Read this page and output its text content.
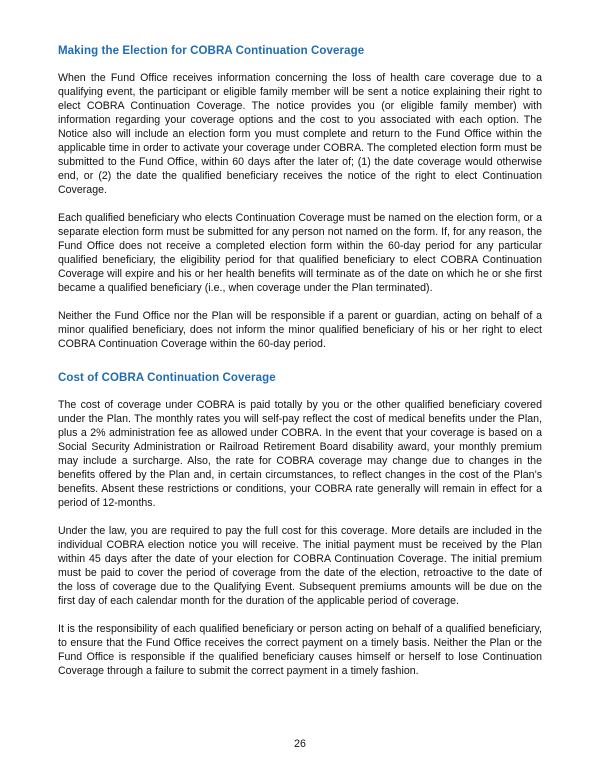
Making the Election for COBRA Continuation Coverage

When the Fund Office receives information concerning the loss of health care coverage due to a qualifying event, the participant or eligible family member will be sent a notice explaining their right to elect COBRA Continuation Coverage. The notice provides you (or eligible family member) with information regarding your coverage options and the cost to you associated with each option. The Notice also will include an election form you must complete and return to the Fund Office within the applicable time in order to activate your coverage under COBRA. The completed election form must be submitted to the Fund Office, within 60 days after the later of; (1) the date coverage would otherwise end, or (2) the date the qualified beneficiary receives the notice of the right to elect Continuation Coverage.

Each qualified beneficiary who elects Continuation Coverage must be named on the election form, or a separate election form must be submitted for any person not named on the form. If, for any reason, the Fund Office does not receive a completed election form within the 60-day period for any particular qualified beneficiary, the eligibility period for that qualified beneficiary to elect COBRA Continuation Coverage will expire and his or her health benefits will terminate as of the date on which he or she first became a qualified beneficiary (i.e., when coverage under the Plan terminated).

Neither the Fund Office nor the Plan will be responsible if a parent or guardian, acting on behalf of a minor qualified beneficiary, does not inform the minor qualified beneficiary of his or her right to elect COBRA Continuation Coverage within the 60-day period.

Cost of COBRA Continuation Coverage

The cost of coverage under COBRA is paid totally by you or the other qualified beneficiary covered under the Plan. The monthly rates you will self-pay reflect the cost of medical benefits under the Plan, plus a 2% administration fee as allowed under COBRA. In the event that your coverage is based on a Social Security Administration or Railroad Retirement Board disability award, your monthly premium may include a surcharge. Also, the rate for COBRA coverage may change due to changes in the benefits offered by the Plan and, in certain circumstances, to reflect changes in the cost of the Plan’s benefits. Absent these restrictions or conditions, your COBRA rate generally will remain in effect for a period of 12-months.

Under the law, you are required to pay the full cost for this coverage. More details are included in the individual COBRA election notice you will receive. The initial payment must be received by the Plan within 45 days after the date of your election for COBRA Continuation Coverage. The initial premium must be paid to cover the period of coverage from the date of the election, retroactive to the date of the loss of coverage due to the Qualifying Event. Subsequent premiums amounts will be due on the first day of each calendar month for the duration of the applicable period of coverage.

It is the responsibility of each qualified beneficiary or person acting on behalf of a qualified beneficiary, to ensure that the Fund Office receives the correct payment on a timely basis. Neither the Plan or the Fund Office is responsible if the qualified beneficiary causes himself or herself to lose Continuation Coverage through a failure to submit the correct payment in a timely fashion.

26
